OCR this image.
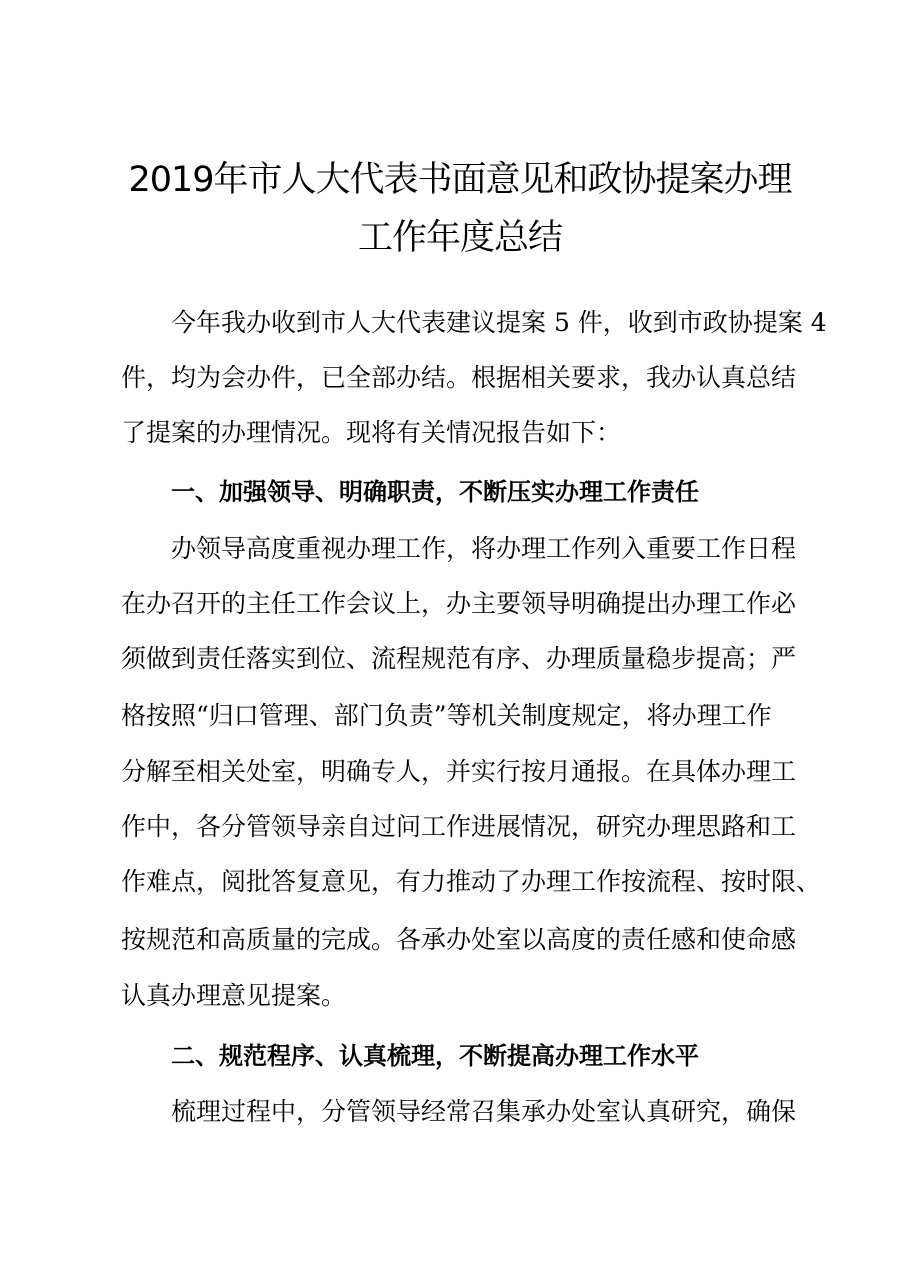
2019年市人大代表书面意见和政协提案办理
工作年度总结
今年我办收到市人大代表建议提案 5 件，收到市政协提案 4
件，均为会办件，已全部办结。根据相关要求，我办认真总结
了提案的办理情况。现将有关情况报告如下：
一、加强领导、明确职责，不断压实办理工作责任
办领导高度重视办理工作，将办理工作列入重要工作日程
在办召开的主任工作会议上，办主要领导明确提出办理工作必
须做到责任落实到位、流程规范有序、办理质量稳步提高；严
格按照“归口管理、部门负责”等机关制度规定，将办理工作
分解至相关处室，明确专人，并实行按月通报。在具体办理工
作中，各分管领导亲自过问工作进展情况，研究办理思路和工
作难点，阅批答复意见，有力推动了办理工作按流程、按时限、
按规范和高质量的完成。各承办处室以高度的责任感和使命感
认真办理意见提案。
二、规范程序、认真梳理，不断提高办理工作水平
梳理过程中，分管领导经常召集承办处室认真研究，确保
